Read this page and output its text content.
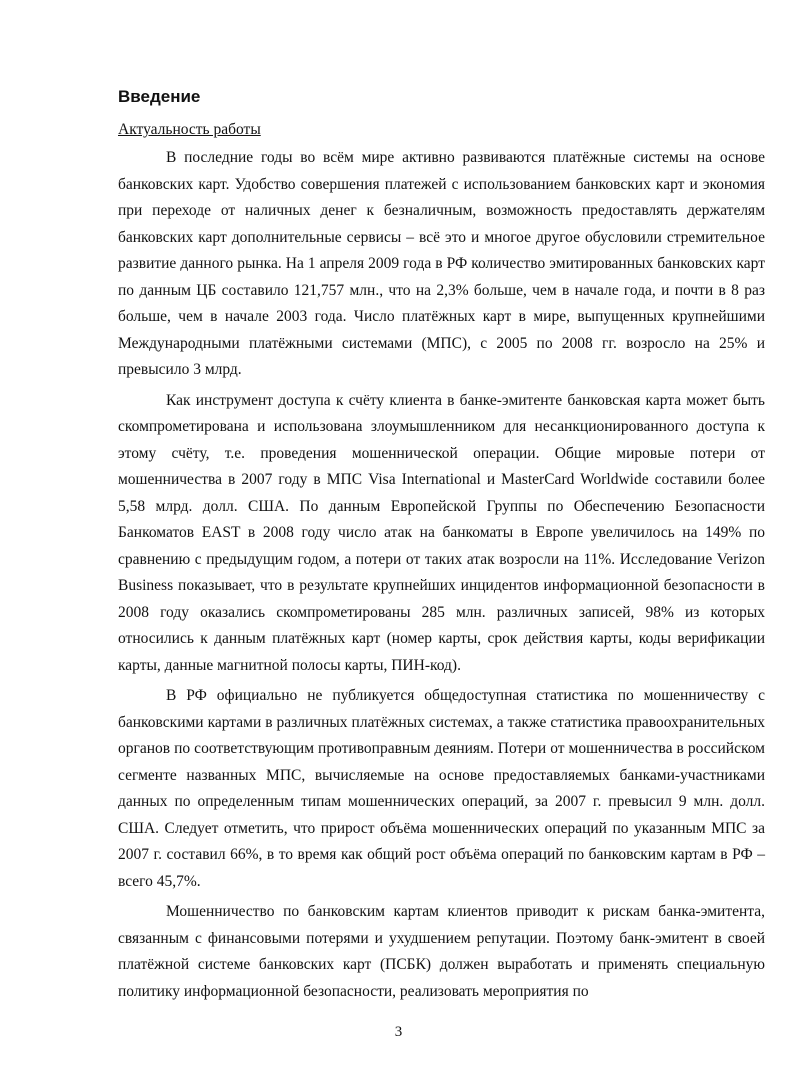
Введение
Актуальность работы

В последние годы во всём мире активно развиваются платёжные системы на основе банковских карт. Удобство совершения платежей с использованием банковских карт и экономия при переходе от наличных денег к безналичным, возможность предоставлять держателям банковских карт дополнительные сервисы – всё это и многое другое обусловили стремительное развитие данного рынка. На 1 апреля 2009 года в РФ количество эмитированных банковских карт по данным ЦБ составило 121,757 млн., что на 2,3% больше, чем в начале года, и почти в 8 раз больше, чем в начале 2003 года. Число платёжных карт в мире, выпущенных крупнейшими Международными платёжными системами (МПС), с 2005 по 2008 гг. возросло на 25% и превысило 3 млрд.

Как инструмент доступа к счёту клиента в банке-эмитенте банковская карта может быть скомпрометирована и использована злоумышленником для несанкционированного доступа к этому счёту, т.е. проведения мошеннической операции. Общие мировые потери от мошенничества в 2007 году в МПС Visa International и MasterCard Worldwide составили более 5,58 млрд. долл. США. По данным Европейской Группы по Обеспечению Безопасности Банкоматов EAST в 2008 году число атак на банкоматы в Европе увеличилось на 149% по сравнению с предыдущим годом, а потери от таких атак возросли на 11%. Исследование Verizon Business показывает, что в результате крупнейших инцидентов информационной безопасности в 2008 году оказались скомпрометированы 285 млн. различных записей, 98% из которых относились к данным платёжных карт (номер карты, срок действия карты, коды верификации карты, данные магнитной полосы карты, ПИН-код).

В РФ официально не публикуется общедоступная статистика по мошенничеству с банковскими картами в различных платёжных системах, а также статистика правоохранительных органов по соответствующим противоправным деяниям. Потери от мошенничества в российском сегменте названных МПС, вычисляемые на основе предоставляемых банками-участниками данных по определенным типам мошеннических операций, за 2007 г. превысил 9 млн. долл. США. Следует отметить, что прирост объёма мошеннических операций по указанным МПС за 2007 г. составил 66%, в то время как общий рост объёма операций по банковским картам в РФ – всего 45,7%.

Мошенничество по банковским картам клиентов приводит к рискам банка-эмитента, связанным с финансовыми потерями и ухудшением репутации. Поэтому банк-эмитент в своей платёжной системе банковских карт (ПСБК) должен выработать и применять специальную политику информационной безопасности, реализовать мероприятия по

3
